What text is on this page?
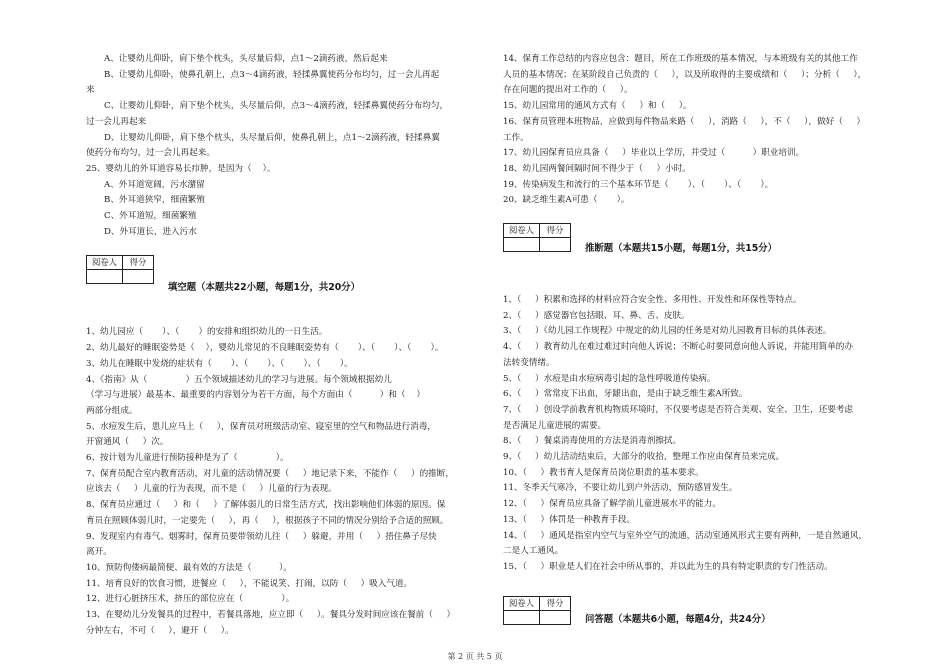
A、让婴幼儿仰卧，肩下垫个枕头，头尽量后仰，点1～2滴药液，然后起来
B、让婴幼儿仰卧，使鼻孔朝上，点3～4滴药液，轻揉鼻翼使药分布均匀，过一会儿再起
来
C、让婴幼儿仰卧，肩下垫个枕头，头尽量后仰，点3～4滴药液，轻揉鼻翼使药分布均匀，
过一会儿再起来
D、让婴幼儿仰卧，肩下垫个枕头，头尽量后仰，使鼻孔朝上，点1～2滴药液，轻揉鼻翼
使药分布均匀，过一会儿再起来。
25、婴幼儿的外耳道容易长疖肿，是因为（    ）。
A、外耳道宽阔，污水潴留
B、外耳道狭窄，细菌繁殖
C、外耳道短，细菌繁殖
D、外耳道长，进入污水
阅卷人	得分

填空题（本题共22小题，每题1分，共20分）
1、幼儿园应（       ）、（       ）的安排和组织幼儿的一日生活。
2、幼儿最好的睡眠姿势是（    ），婴幼儿常见的不良睡眠姿势有（       ）、（       ）、（       ）。
3、幼儿在睡眠中发烧的症状有（       ）、（       ）、（       ）、（       ）。
4、《指南》从（              ）五个领域描述幼儿的学习与进展。每个领域根据幼儿
（学习与进展）最基本、最重要的内容划分为若干方面，每个方面由（          ）和（    ）
两部分组成。
5、水痘发生后，患儿应马上（     ），保育员对班级活动室、寝室里的空气和物品进行消毒，
开窗通风（     ）次。
6、按计划为儿童进行预防接种是为了（              ）。
7、保育员配合室内教育活动，对儿童的活动情况要（     ）地记录下来，不能作（     ）的推断，
应该去（     ）儿童的行为表现，而不是（     ）儿童的行为表现。
8、保育员应通过（     ）和（     ）了解体弱儿的日常生活方式，找出影响他们体弱的原因。保
育员在照顾体弱儿时，一定要先（     ），再（     ），根据孩子不同的情况分别给予合适的照顾。
9、发现室内有毒气、烟雾时，保育员要带领幼儿往（     ）躲避，并用（     ）捂住鼻子尽快
离开。
10、预防佝偻病最简便、最有效的方法是（          ）。
11、培育良好的饮食习惯，进餐应（     ），不能说笑、打闹，以防（     ）吸入气道。
12、进行心脏挤压术，挤压的部位应在（              ）。
13、在婴幼儿分发餐具的过程中，若餐具落地，应立即（     ）。餐具分发时间应该在餐前（     ）
分钟左右，不可（     ），避开（     ）。
14、保育工作总结的内容应包含：题目，所在工作班级的基本情况，与本班级有关的其他工作
人员的基本情况；在某阶段自己负责的（     ），以及所取得的主要成绩和（     ）；分析（     ），
存在问题的提出对工作的（     ）。
15、幼儿园常用的通风方式有（     ）和（     ）。
16、保育员管理本班物品，应做到每件物品来路（     ），消路（     ），不（     ），做好（     ）
工作。
17、幼儿园保育员应具备（     ）毕业以上学历，并受过（          ）职业培训。
18、幼儿园两餐间隔时间不得少于（     ）小时。
19、传染病发生和流行的三个基本环节是（       ）、（       ）、（       ）。
20、缺乏维生素A可患（       ）。
阅卷人	得分

推断题（本题共15小题，每题1分，共15分）
1、（     ）积累和选择的材料应符合安全性、多用性、开发性和环保性等特点。
2、（     ）感觉器官包括眼、耳、鼻、舌、皮肤。
3、（     ）《幼儿园工作规程》中规定的幼儿园的任务是对幼儿园教育目标的具体表述。
4、（     ）教育幼儿在难过难过时向他人诉说；不断心时要同意向他人诉说，并能用简单的办
法转变情绪。
5、（     ）水痘是由水痘病毒引起的急性呼吸道传染病。
6、（     ）常常皮下出血，牙龈出血，是由于缺乏维生素A所致。
7、（     ）创设学前教育机构物质环境时，不仅要考虑是否符合美观、安全、卫生，还要考虑
是否满足儿童进展的需要。
8、（     ）餐桌消毒使用的方法是消毒剂擦拭。
9、（     ）幼儿活动结束后，大部分的收拾，整理工作应由保育员来完成。
10、（     ）教书育人是保育员岗位职责的基本要求。
11、冬季天气寒冷，不要让幼儿到户外活动，预防感冒发生。
12、（     ）保育员应具备了解学前儿童进展水平的能力。
13、（     ）体罚是一种教育手段。
14、（     ）通风是指室内空气与室外空气的流通，活动室通风形式主要有两种，一是自然通风，
二是人工通风。
15、（     ）职业是人们在社会中所从事的，并以此为生的具有特定职责的专门性活动。
阅卷人	得分

问答题（本题共6小题，每题4分，共24分）
第 2 页 共 5 页
